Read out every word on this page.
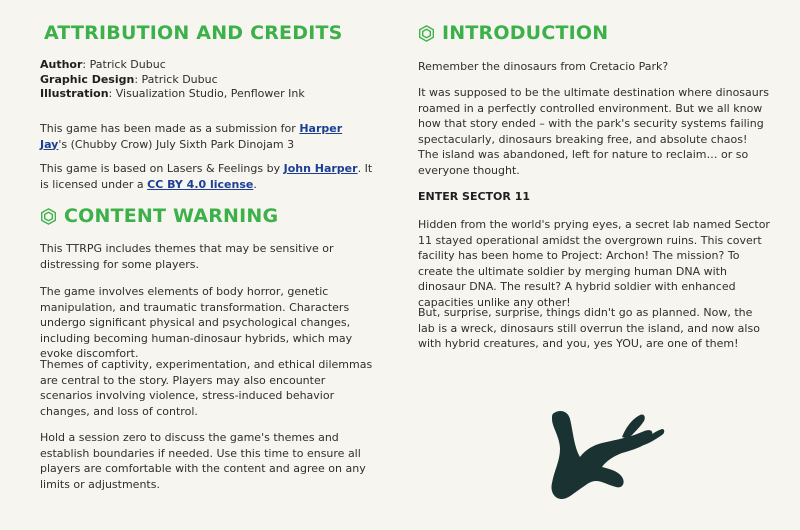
ATTRIBUTION AND CREDITS
Author: Patrick Dubuc
Graphic Design: Patrick Dubuc
Illustration: Visualization Studio, Penflower Ink

This game has been made as a submission for Harper Jay's (Chubby Crow) July Sixth Park Dinojam 3

This game is based on Lasers & Feelings by John Harper. It is licensed under a CC BY 4.0 license.

CONTENT WARNING

This TTRPG includes themes that may be sensitive or distressing for some players.

The game involves elements of body horror, genetic manipulation, and traumatic transformation. Characters undergo significant physical and psychological changes, including becoming human-dinosaur hybrids, which may evoke discomfort.

Themes of captivity, experimentation, and ethical dilemmas are central to the story. Players may also encounter scenarios involving violence, stress-induced behavior changes, and loss of control.

Hold a session zero to discuss the game's themes and establish boundaries if needed. Use this time to ensure all players are comfortable with the content and agree on any limits or adjustments.

INTRODUCTION

Remember the dinosaurs from Cretacio Park?

It was supposed to be the ultimate destination where dinosaurs roamed in a perfectly controlled environment. But we all know how that story ended – with the park's security systems failing spectacularly, dinosaurs breaking free, and absolute chaos! The island was abandoned, left for nature to reclaim… or so everyone thought.

ENTER SECTOR 11

Hidden from the world's prying eyes, a secret lab named Sector 11 stayed operational amidst the overgrown ruins. This covert facility has been home to Project: Archon! The mission? To create the ultimate soldier by merging human DNA with dinosaur DNA. The result? A hybrid soldier with enhanced capacities unlike any other!

But, surprise, surprise, things didn't go as planned. Now, the lab is a wreck, dinosaurs still overrun the island, and now also with hybrid creatures, and you, yes YOU, are one of them!
